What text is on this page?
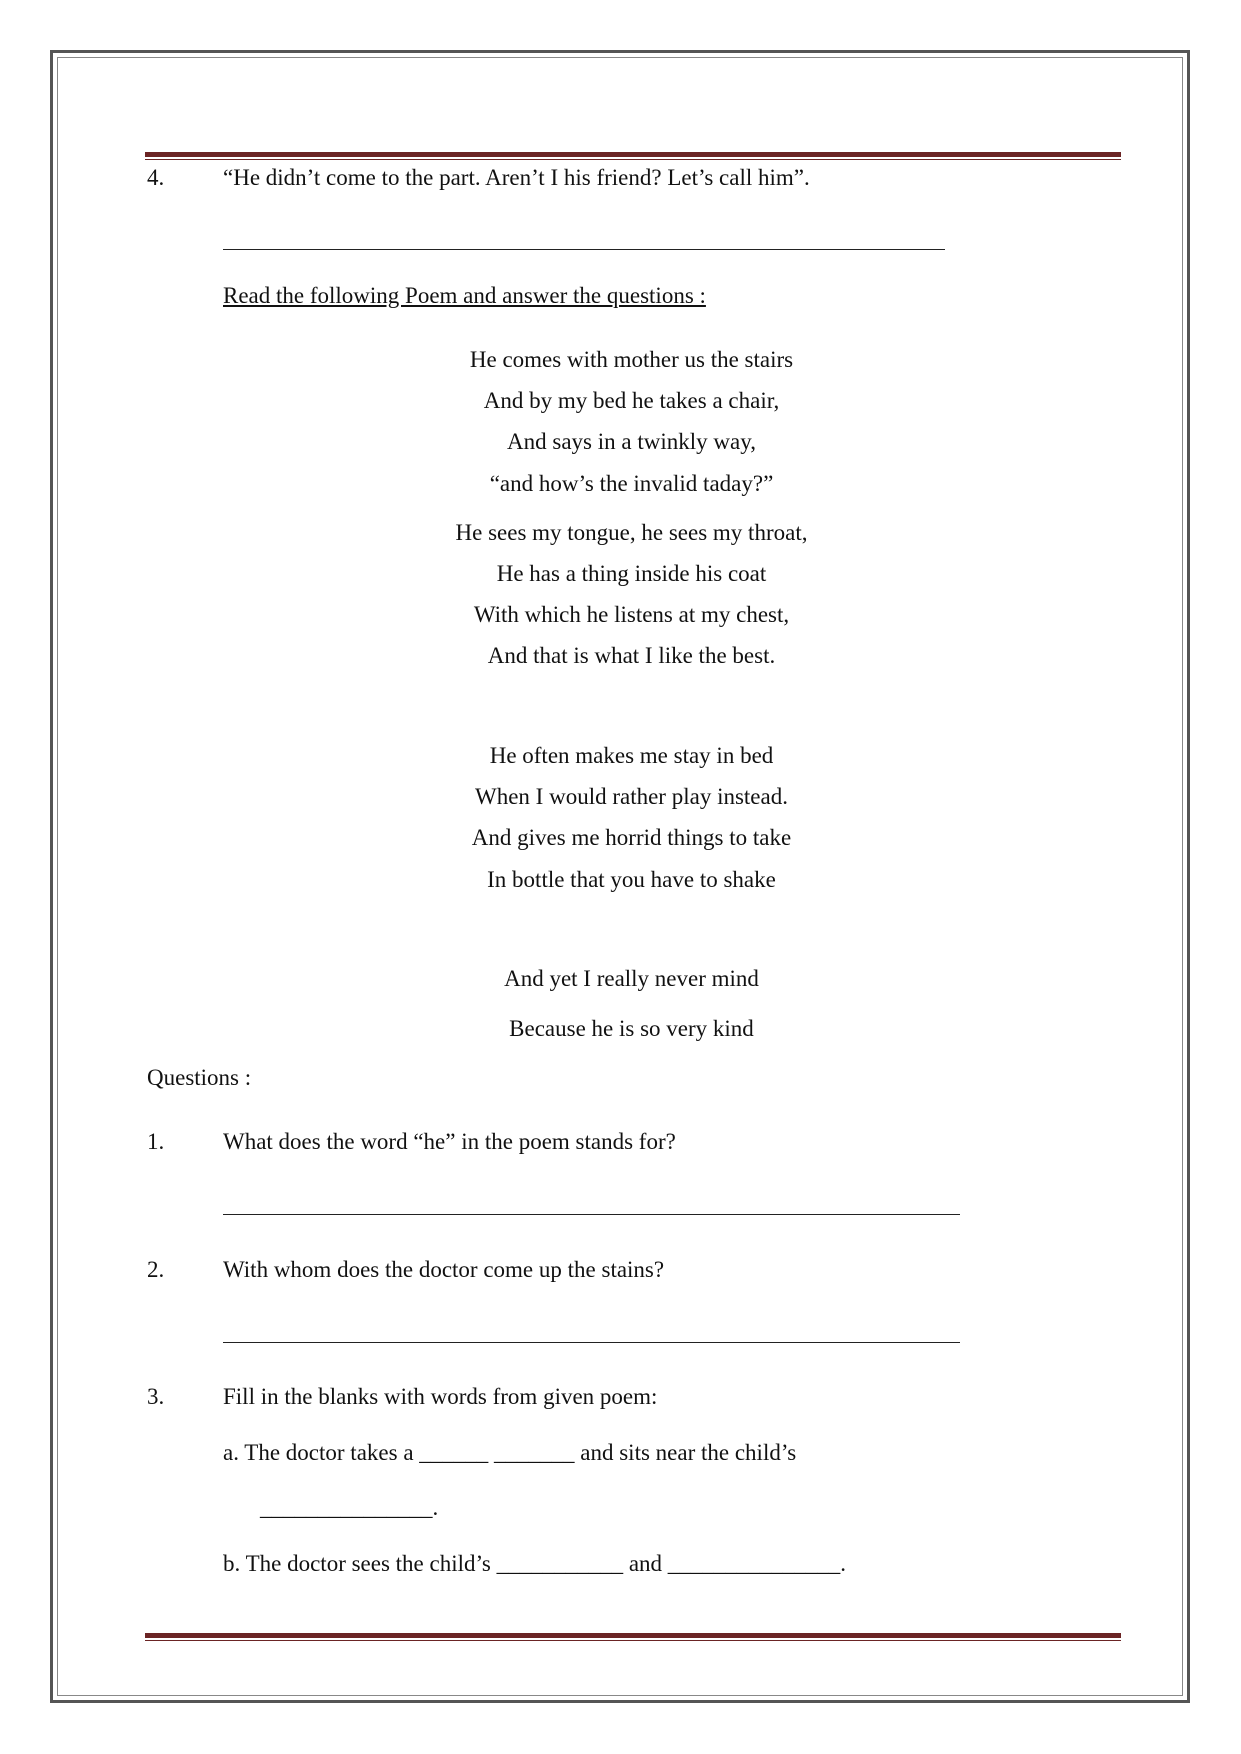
4.	“He didn’t come to the part. Aren’t I his friend? Let’s call him”.
Read the following Poem and answer the questions :
He comes with mother us the stairs
And by my bed he takes a chair,
And says in a twinkly way,
“and how’s the invalid taday?”
He sees my tongue, he sees my throat,
He has a thing inside his coat
With which he listens at my chest,
And that is what I like the best.
He often makes me stay in bed
When I would rather play instead.
And gives me horrid things to take
In bottle that you have to shake
And yet I really never mind
Because he is so very kind
Questions :
1.	What does the word “he” in the poem stands for?
2.	With whom does the doctor come up the stains?
3.	Fill in the blanks with words from given poem:
a. The doctor takes a ______ _______ and sits near the child’s
_______________.
b. The doctor sees the child’s ___________ and _______________.
